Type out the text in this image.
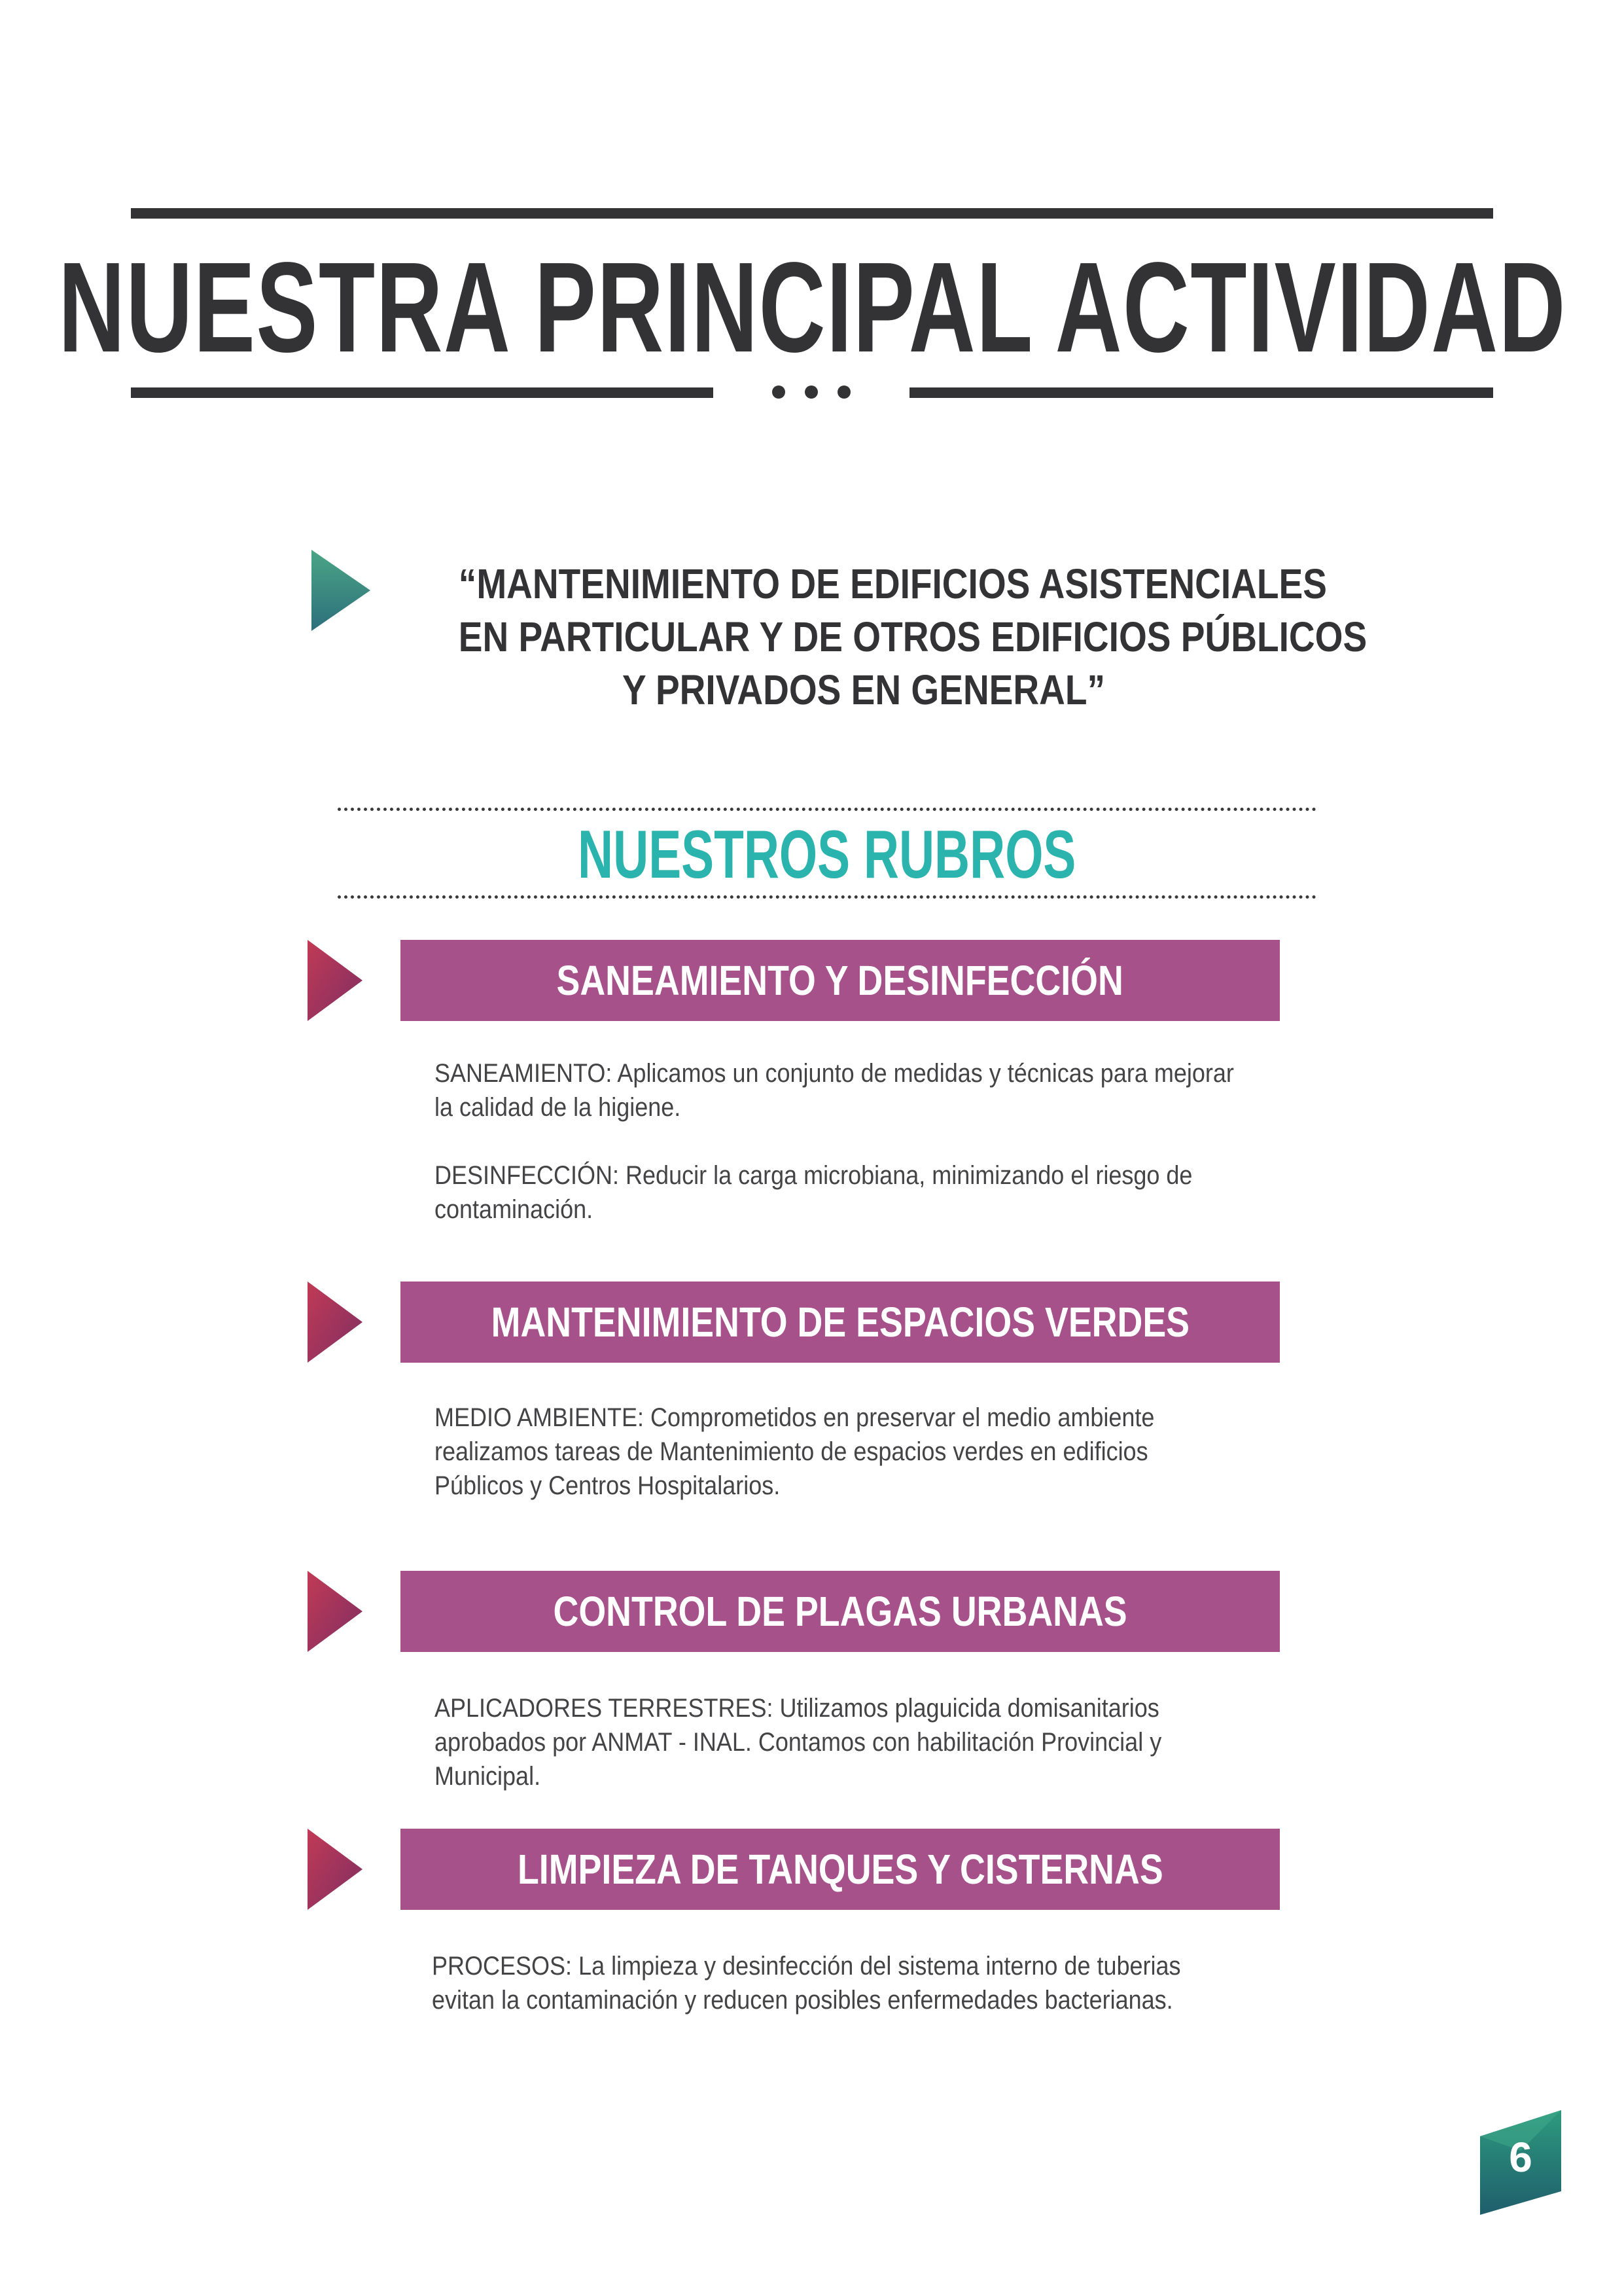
NUESTRA PRINCIPAL ACTIVIDAD
“MANTENIMIENTO DE EDIFICIOS ASISTENCIALES
EN PARTICULAR Y DE OTROS EDIFICIOS PÚBLICOS
Y PRIVADOS EN GENERAL”
NUESTROS RUBROS
SANEAMIENTO Y DESINFECCIÓN

SANEAMIENTO: Aplicamos un conjunto de medidas y técnicas para mejorar

la calidad de la higiene.

DESINFECCIÓN: Reducir la carga microbiana, minimizando el riesgo de

contaminación.

MANTENIMIENTO DE ESPACIOS VERDES

MEDIO AMBIENTE: Comprometidos en preservar el medio ambiente

realizamos tareas de Mantenimiento de espacios verdes en edificios

Públicos y Centros Hospitalarios.

CONTROL DE PLAGAS URBANAS

APLICADORES TERRESTRES: Utilizamos plaguicida domisanitarios

aprobados por ANMAT - INAL. Contamos con habilitación Provincial y

Municipal.

LIMPIEZA DE TANQUES Y CISTERNAS

PROCESOS: La limpieza y desinfección del sistema interno de tuberias

evitan la contaminación y reducen posibles enfermedades bacterianas.

6
